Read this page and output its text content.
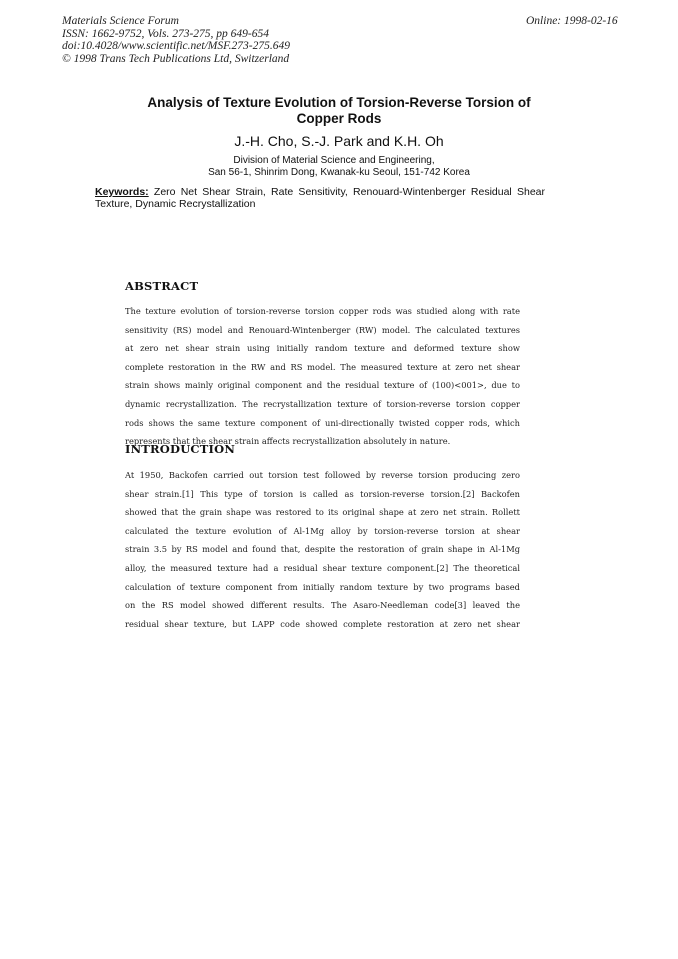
Materials Science Forum
ISSN: 1662-9752, Vols. 273-275, pp 649-654
doi:10.4028/www.scientific.net/MSF.273-275.649
© 1998 Trans Tech Publications Ltd, Switzerland
Online: 1998-02-16
Analysis of Texture Evolution of Torsion-Reverse Torsion of
Copper Rods
J.-H. Cho, S.-J. Park and K.H. Oh
Division of Material Science and Engineering,
San 56-1, Shinrim Dong, Kwanak-ku Seoul, 151-742 Korea
Keywords: Zero Net Shear Strain, Rate Sensitivity, Renouard-Wintenberger Residual Shear
Texture, Dynamic Recrystallization
ABSTRACT
The texture evolution of torsion-reverse torsion copper rods was studied along with rate
sensitivity (RS) model and Renouard-Wintenberger (RW) model. The calculated textures
at zero net shear strain using initially random texture and deformed texture show
complete restoration in the RW and RS model. The measured texture at zero net shear
strain shows mainly original component and the residual texture of (100)<001>, due to
dynamic recrystallization. The recrystallization texture of torsion-reverse torsion copper
rods shows the same texture component of uni-directionally twisted copper rods, which
represents that the shear strain affects recrystallization absolutely in nature.
INTRODUCTION
At 1950, Backofen carried out torsion test followed by reverse torsion producing zero
shear strain.[1] This type of torsion is called as torsion-reverse torsion.[2] Backofen
showed that the grain shape was restored to its original shape at zero net strain. Rollett
calculated the texture evolution of Al-1Mg alloy by torsion-reverse torsion at shear
strain 3.5 by RS model and found that, despite the restoration of grain shape in Al-1Mg
alloy, the measured texture had a residual shear texture component.[2] The theoretical
calculation of texture component from initially random texture by two programs based
on the RS model showed different results. The Asaro-Needleman code[3] leaved the
residual shear texture, but LAPP code showed complete restoration at zero net shear
